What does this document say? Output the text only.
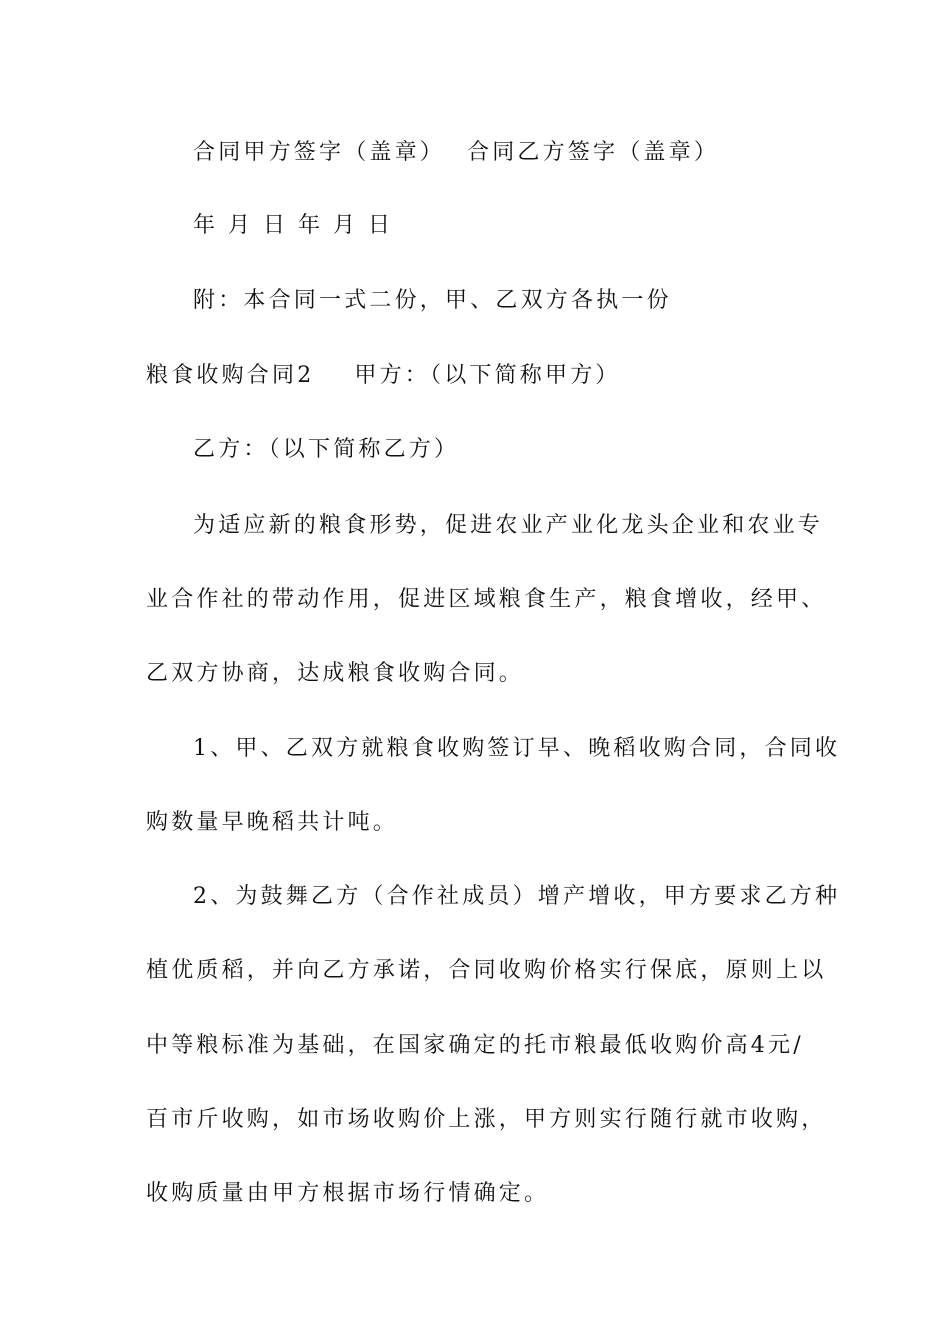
合同甲方签字（盖章） 合同乙方签字（盖章）
年 月 日 年 月 日
附：本合同一式二份，甲、乙双方各执一份
粮食收购合同2 甲方：（以下简称甲方）
乙方：（以下简称乙方）
为适应新的粮食形势，促进农业产业化龙头企业和农业专
业合作社的带动作用，促进区域粮食生产，粮食增收，经甲、
乙双方协商，达成粮食收购合同。
1、甲、乙双方就粮食收购签订早、晚稻收购合同，合同收
购数量早晚稻共计吨。
2、为鼓舞乙方（合作社成员）增产增收，甲方要求乙方种
植优质稻，并向乙方承诺，合同收购价格实行保底，原则上以
中等粮标准为基础，在国家确定的托市粮最低收购价高4元/
百市斤收购，如市场收购价上涨，甲方则实行随行就市收购，
收购质量由甲方根据市场行情确定。
